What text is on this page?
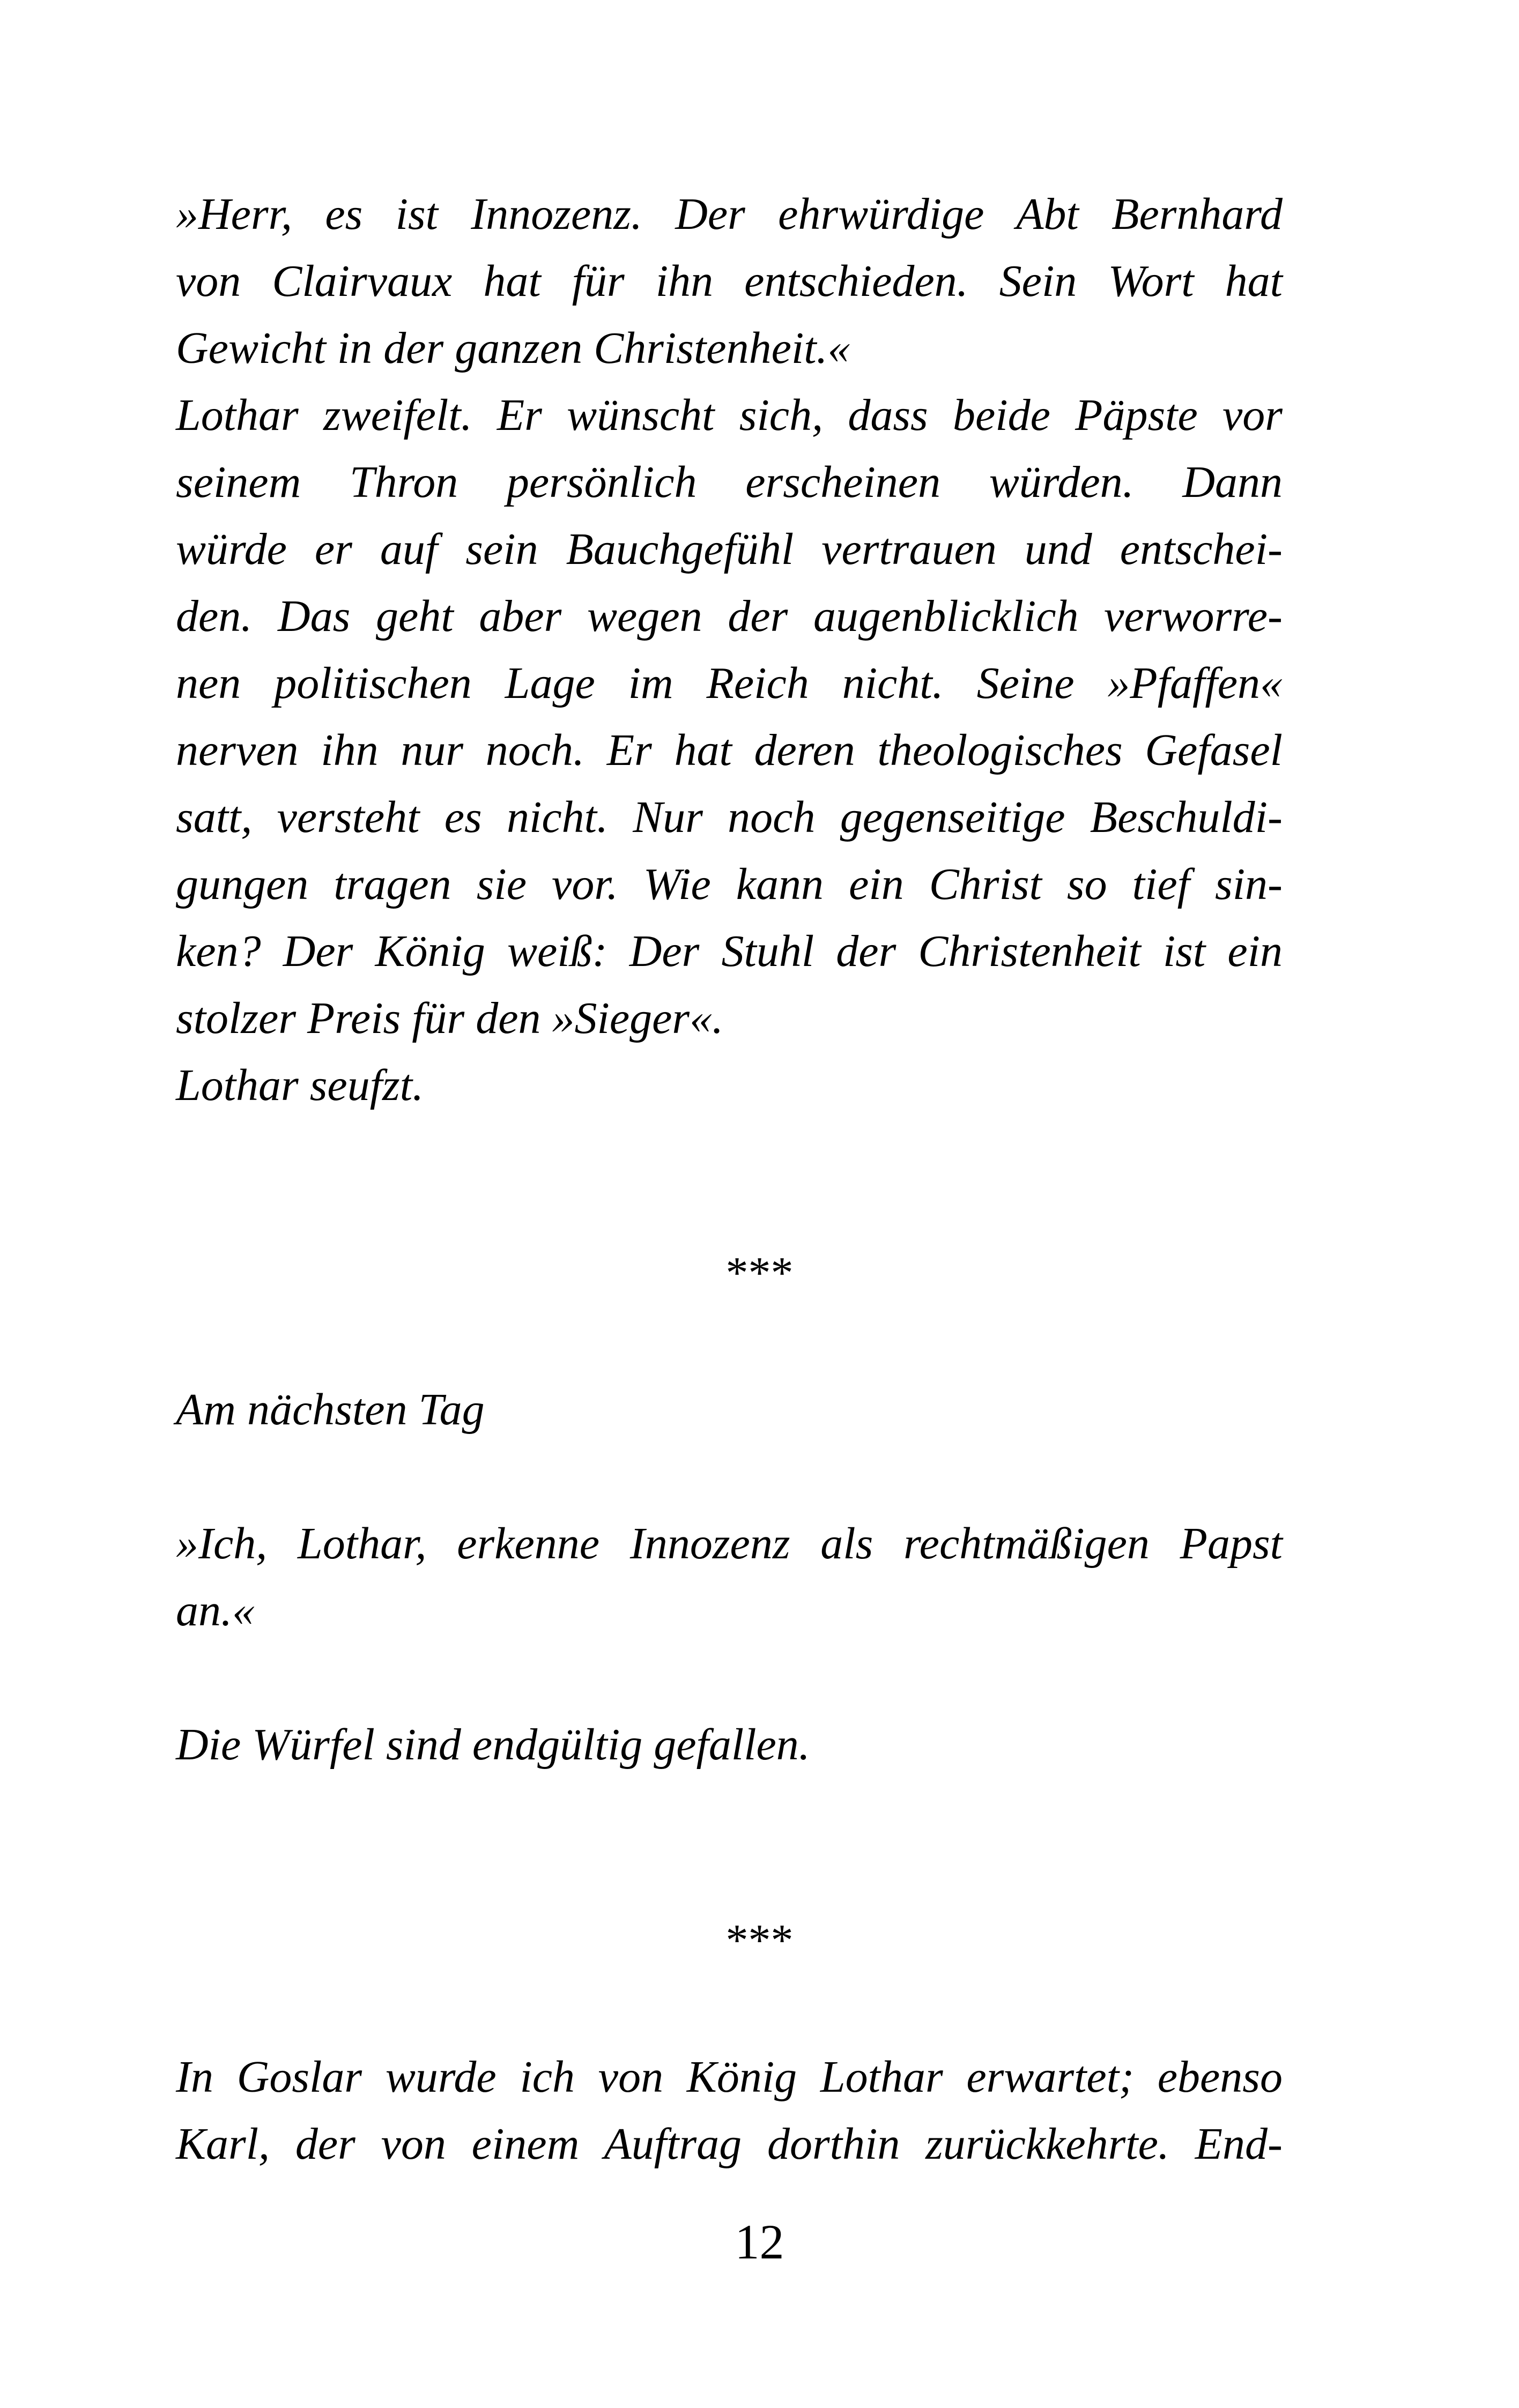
»Herr, es ist Innozenz. Der ehrwürdige Abt Bernhard
von Clairvaux hat für ihn entschieden. Sein Wort hat
Gewicht in der ganzen Christenheit.«
Lothar zweifelt. Er wünscht sich, dass beide Päpste vor
seinem Thron persönlich erscheinen würden. Dann
würde er auf sein Bauchgefühl vertrauen und entschei-
den. Das geht aber wegen der augenblicklich verworre-
nen politischen Lage im Reich nicht. Seine »Pfaffen«
nerven ihn nur noch. Er hat deren theologisches Gefasel
satt, versteht es nicht. Nur noch gegenseitige Beschuldi-
gungen tragen sie vor. Wie kann ein Christ so tief sin-
ken? Der König weiß: Der Stuhl der Christenheit ist ein
stolzer Preis für den »Sieger«.
Lothar seufzt.
***
Am nächsten Tag
»Ich, Lothar, erkenne Innozenz als rechtmäßigen Papst
an.«
Die Würfel sind endgültig gefallen.
***
In Goslar wurde ich von König Lothar erwartet; ebenso
Karl, der von einem Auftrag dorthin zurückkehrte. End-
12
